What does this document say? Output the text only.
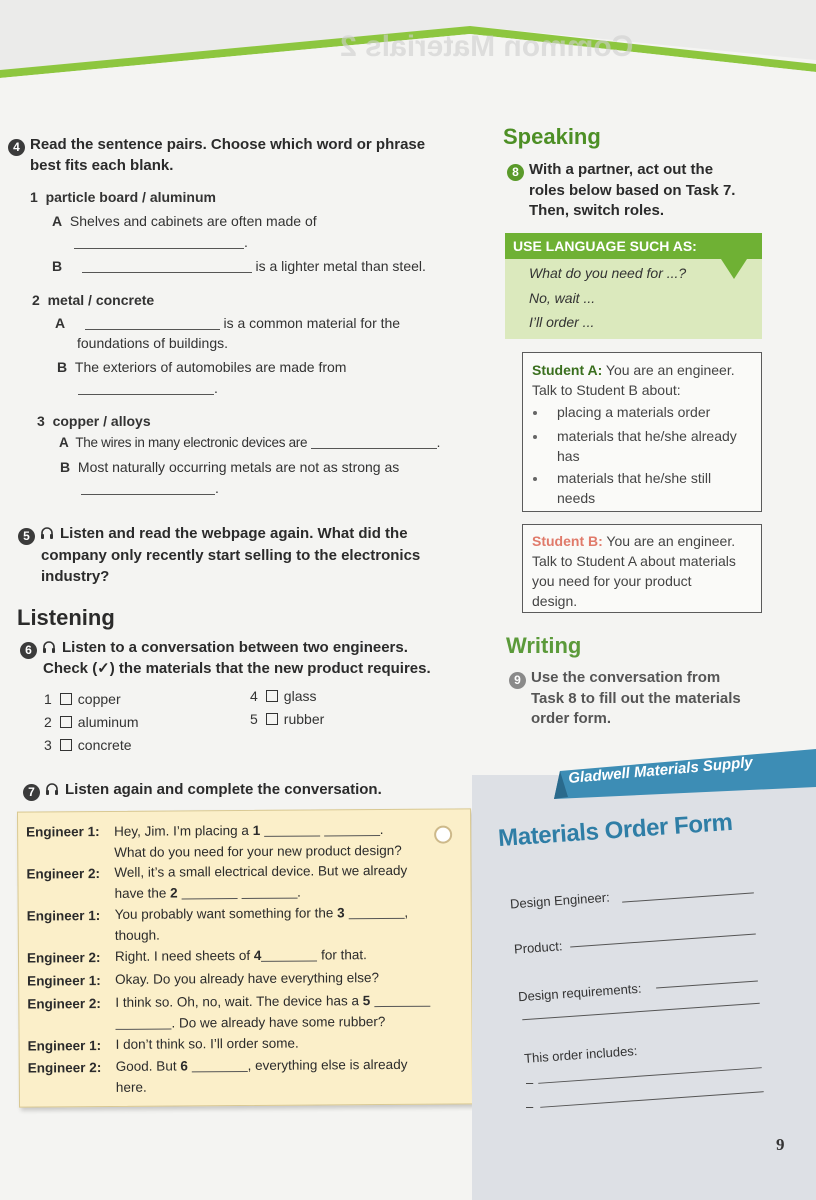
Common Materials 2
4 Read the sentence pairs. Choose which word or phrase
best fits each blank.
1 particle board / aluminum
A Shelves and cabinets are often made of
.
B	is a lighter metal than steel.
2 metal / concrete
A	is a common material for the
foundations of buildings.
B The exteriors of automobiles are made from
.
3 copper / alloys
A The wires in many electronic devices are	.
B Most naturally occurring metals are not as strong as
.
5 Listen and read the webpage again. What did the
company only recently start selling to the electronics
industry?
Listening
6 Listen to a conversation between two engineers.
Check (✓) the materials that the new product requires.
1 copper
2 aluminum
3 concrete
4 glass
5 rubber
7 Listen again and complete the conversation.
Engineer 1: Hey, Jim. I’m placing a 1	.
What do you need for your new product design?
Engineer 2: Well, it’s a small electrical device. But we already
have the 2	.
Engineer 1: You probably want something for the 3	,
though.
Engineer 2: Right. I need sheets of 4	for that.
Engineer 1: Okay. Do you already have everything else?
Engineer 2: I think so. Oh, no, wait. The device has a 5
. Do we already have some rubber?
Engineer 1: I don’t think so. I’ll order some.
Engineer 2: Good. But 6	, everything else is already
here.
Speaking
8 With a partner, act out the
roles below based on Task 7.
Then, switch roles.
USE LANGUAGE SUCH AS:
What do you need for ...?
No, wait ...
I’ll order ...
Student A: You are an engineer.
Talk to Student B about:
placing a materials order
materials that he/she already
has
materials that he/she still
needs
Student B: You are an engineer.
Talk to Student A about materials
you need for your product
design.
Writing
9 Use the conversation from
Task 8 to fill out the materials
order form.
Gladwell Materials Supply
Materials Order Form
Design Engineer:
Product:
Design requirements:
This order includes:
–
–
9
